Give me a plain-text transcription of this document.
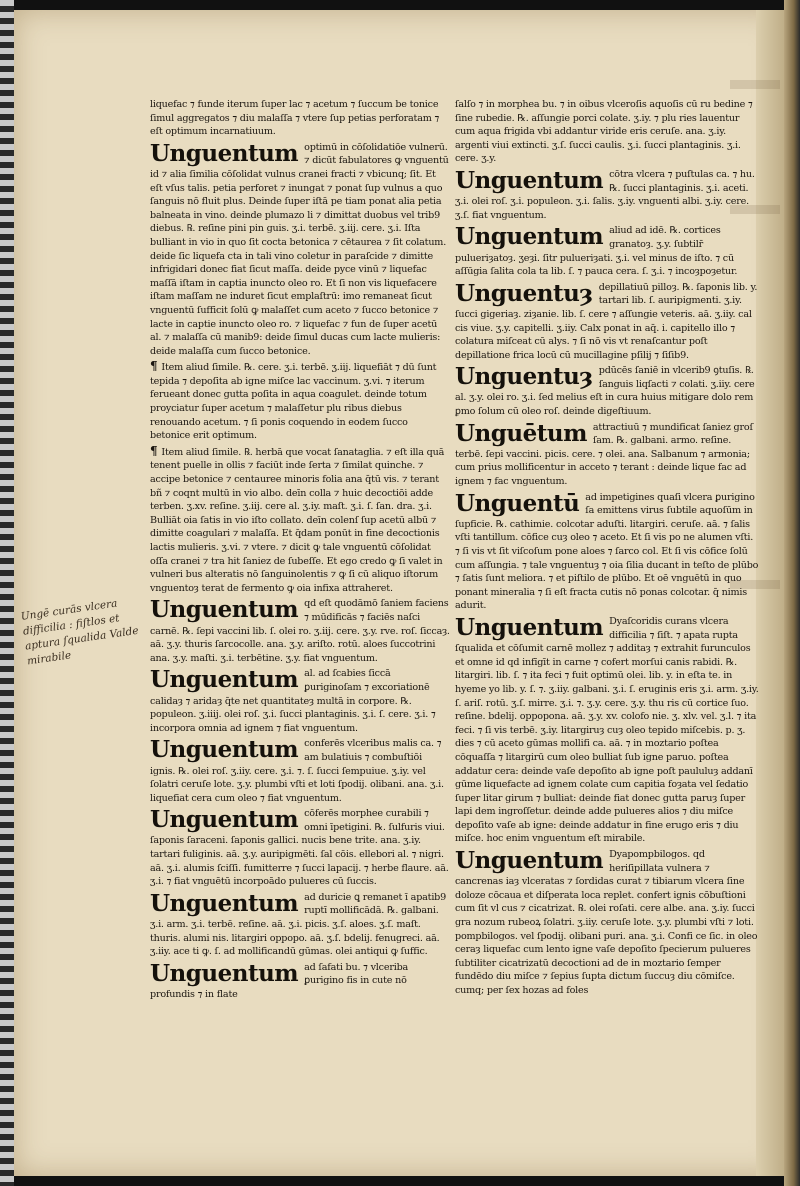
Ungē curās vlcera difficilia : fiſtlos et aptura ſqualida Valde mirabile

liquefac ⁊ funde iterum ſuper lac ⁊ acetum ⁊ ſuccum be tonice ſimul aggregatos ⁊ diu malaſſa ⁊ vtere ſup petias perforatam ⁊ eſt optimum incarnatiuum.

Unguentum optimū in cōſolidatiōe vulnerū. ⁊ dicūt fabulatores ꝙ vnguentū id ⁊ alia ſimilia cōſolidat vulnus cranei fracti ⁊ vbicunq; ſit. Et eſt vſus talis. petia perforet ⁊ inungat ⁊ ponat ſup vulnus a quo ſanguis nō fluit plus. Deinde ſuper iſtā pe tiam ponat alia petia balneata in vino. deinde plumazo li ⁊ dimittat duobus vel trib9 diebus. ℞. reſine pini pin guis. ʒ.i. terbē. ʒ.iij. cere. ʒ.i. Iſta bulliant in vio in quo ſit cocta betonica ⁊ cētaurea ⁊ ſit colatum. deide ſic liquefa cta in tali vino coletur in paraſcide ⁊ dimitte infrigidari donec fiat ſicut maſſa. deide pyce vinū ⁊ liquefac maſſā iſtam in captia inuncto oleo ro. Et ſi non vis liquefacere iſtam maſſam ne induret ſicut emplaſtrū: imo remaneat ſicut vnguentū ſufficit ſolū ꝙ malaſſet cum aceto ⁊ ſucco betonice ⁊ lacte in captie inuncto oleo ro. ⁊ liquefac ⁊ fun de ſuper acetū al. ⁊ malaſſa cū manib9: deide ſimul ducas cum lacte mulieris: deide malaſſa cum ſucco betonice.

¶ Item aliud ſimile. ℞. cere. ʒ.i. terbē. ʒ.iij. liquefiāt ⁊ dū ſunt tepida ⁊ depoſita ab igne miſce lac vaccinum. ʒ.vi. ⁊ iterum ferueant donec gutta poſita in aqua coagulet. deinde totum proyciatur ſuper acetum ⁊ malaſſetur plu ribus diebus renouando acetum. ⁊ ſi ponis coquendo in eodem ſucco betonice erit optimum.

¶ Item aliud ſimile. ℞. herbā que vocat ſanataglia. ⁊ eſt illa quā tenent puelle in ollis ⁊ faciūt inde ſerta ⁊ ſimilat quinche. ⁊ accipe betonice ⁊ centauree minoris folia ana q̄tū vis. ⁊ terant bñ ⁊ coqnt multū in vio albo. deīn colla ⁊ huic decoctiōi adde terben. ʒ.xv. reſine. ʒ.iij. cere al. ʒ.iy. maſt. ʒ.i. ſ. ſan. dra. ʒ.i. Bulliāt oia ſatis in vio iſto collato. deīn colenſ ſup acetū albū ⁊ dimitte coagulari ⁊ malaſſa. Et q̄dam ponūt in fine decoctionis lactis mulieris. ʒ.vi. ⁊ vtere. ⁊ dicit ꝙ tale vnguentū cōſolidat oſſa cranei ⁊ tra hit ſaniez de ſubeſſe. Et ego credo ꝙ ſi valet in vulneri bus alteratis nō ſanguinolentis ⁊ ꝙ ſi cū aliquo iſtorum vnguentoȝ terat de fermento ꝙ oia infixa attraheret.

Unguentum qd eſt quodāmō ſaniem faciens ⁊ mūdificās ⁊ faciēs naſci carnē. ℞. ſepi vaccini lib. ſ. olei ro. ʒ.iij. cere. ʒ.y. rve. roſ. ſiccaȝ. aā. ʒ.y. thuris ſarcocolle. ana. ʒ.y. ariſto. rotū. aloes ſuccotrini ana. ʒ.y. maſti. ʒ.i. terbētine. ʒ.y. fiat vnguentum.

Unguentum al. ad ſcabies ſiccā ꝑuriginoſam ⁊ excoriationē calidaȝ ⁊ aridaȝ q̄te net quantitateȝ multā in corpore. ℞. populeon. ʒ.iiij. olei roſ. ʒ.i. ſucci plantaginis. ʒ.i. ſ. cere. ʒ.i. ⁊ incorpora omnia ad ignem ⁊ fiat vnguentum.

Unguentum conferēs vlceribus malis ca. ⁊ am bulatiuis ⁊ combuſtiōi ignis. ℞. olei roſ. ʒ.iiy. cere. ʒ.i. ⁊. ſ. ſucci ſempuiue. ʒ.iy. vel ſolatri ceruſe lote. ʒ.y. plumbi vſti et loti ſpodij. olibani. ana. ʒ.i. liquefiat cera cum oleo ⁊ fiat vnguentum.

Unguentum cōferēs morphee curabili ⁊ omni īpetigini. ℞. ſulfuris viui. ſaponis ſaraceni. ſaponis gallici. nucis bene trite. ana. ʒ.iy. tartari fuliginis. aā. ʒ.y. auripigmēti. ſal cōis. ellebori al. ⁊ nigri. aā. ʒ.i. alumis ſciſſi. fumitterre ⁊ ſucci lapacij. ⁊ herbe flaure. aā. ʒ.i. ⁊ fiat vnguētū incorpoādo pulueres cū ſuccis.

Unguentum ad duricie ꝗ remanet ī apatib9 ruptī mollificādā. ℞. galbani. ʒ.i. arm. ʒ.i. terbē. reſine. aā. ʒ.i. picis. ʒ.ſ. aloes. ʒ.ſ. maſt. thuris. alumi nis. litargiri oppopo. aā. ʒ.ſ. bdelij. fenugreci. aā. ʒ.iiy. ace ti ꝙ. ſ. ad mollificandū gūmas. olei antiqui ꝙ ſuffic.

Unguentum ad ſafati bu. ⁊ vlceriba ꝑurigino fis in cute nō profundis ⁊ in flate

ſalſo ⁊ in morphea bu. ⁊ in oibus vlceroſis aquoſis cū ru bedine ⁊ ſine rubedie. ℞. aſſungie porci colate. ʒ.iy. ⁊ plu ries lauentur cum aqua frigida vbi addantur viride eris ceruſe. ana. ʒ.iy. argenti viui extincti. ʒ.ſ. ſucci caulis. ʒ.i. ſucci plantaginis. ʒ.i. cere. ʒ.y.

Unguentum cōtra vlcera ⁊ puſtulas ca. ⁊ hu. ℞. ſucci plantaginis. ʒ.i. aceti. ʒ.i. olei roſ. ʒ.i. populeon. ʒ.i. ſalis. ʒ.iy. vnguenti albi. ʒ.iy. cere. ʒ.ſ. fiat vnguentum.

Unguentum aliud ad idē. ℞. cortices granatoȝ. ʒ.y. ſubtilr̄ pulueriȝatoȝ. ʒeȝi. ſitr pulueriȝati. ʒ.i. vel minus de iſto. ⁊ cū aſſūgia ſalita cola ta lib. ſ. ⁊ pauca cera. ſ. ʒ.i. ⁊ incoȝpoȝetur.

Unguentuȝ depillatiuū pilloȝ. ℞. ſaponis lib. y. tartari lib. ſ. auripigmenti. ʒ.iy. ſucci gigeriaȝ. ziȝanie. lib. ſ. cere ⁊ aſſungie veteris. aā. ʒ.iiy. cal cis viue. ʒ.y. capitelli. ʒ.iiy. Calx ponat in aq̄. i. capitello illo ⁊ colatura miſceat cū alys. ⁊ ſi nō vis vt renaſcantur poſt depillatione frica locū cū mucillagine pſilij ⁊ ſiſib9.

Unguentuȝ pdūcēs ſaniē in vlcerib9 ꝯtuſis. ℞. ſanguis liqſacti ⁊ colati. ʒ.iiy. cere al. ʒ.y. olei ro. ʒ.i. ſed melius eſt in cura huius mitigare dolo rem ꝑmo ſolum cū oleo roſ. deinde digeſtiuum.

Unguētum attractiuū ⁊ mundificat ſaniez groſ ſam. ℞. galbani. armo. reſine. terbē. ſepi vaccini. picis. cere. ⁊ olei. ana. Salbanum ⁊ armonia; cum prius mollificentur in acceto ⁊ terant : deinde lique fac ad ignem ⁊ fac vnguentum.

Unguentū ad impetigines quaſi vlcera ꝑurigino ſa emittens virus ſubtile aquoſūm in ſupficie. ℞. cathimie. colcotar aduſti. litargiri. ceruſe. aā. ⁊ ſalis vſti tantillum. cōfice cuȝ oleo ⁊ aceto. Et ſi vis po ne alumen vſti. ⁊ ſi vis vt ſit viſcoſum pone aloes ⁊ ſarco col. Et ſi vis cōfice ſolū cum aſſungia. ⁊ tale vnguentuȝ ⁊ oia ſilia ducant in teſto de plūbo ⁊ ſatis ſunt meliora. ⁊ et piſtilo de plūbo. Et oē vnguētū in quo ponant mineralia ⁊ ſi eſt fracta cutis nō ponas colcotar. q̄ nimis adurit.

Unguentum Dyaſcoridis curans vlcera difficilia ⁊ ſiſt. ⁊ apata rupta ſqualida et cōſumit carnē mollez ⁊ additaȝ ⁊ extrahit furunculos et omne id qd infīgīt in carne ⁊ cofert morſui canis rabidi. ℞. litargiri. lib. ſ. ⁊ ita feci ⁊ fuit optimū olei. lib. y. in eſta te. in hyeme yo lib. y. ſ. ⁊. ʒ.iiy. galbani. ʒ.i. ſ. eruginis eris ʒ.i. arm. ʒ.iy. ſ. ariſ. rotū. ʒ.ſ. mirre. ʒ.i. ⁊. ʒ.y. cere. ʒ.y. thu ris cū cortice ſuo. reſine. bdelij. oppopona. aā. ʒ.y. xv. colofo nie. ʒ. xlv. vel. ʒ.l. ⁊ ita feci. ⁊ ſi vis terbē. ʒ.iy. litargiruȝ cuȝ oleo tepido miſcebis. p. ʒ. dies ⁊ cū aceto gūmas mollifi ca. aā. ⁊ in moztario poſtea cōquaſſa ⁊ litargirū cum oleo bulliat ſub igne paruo. poſtea addatur cera: deinde vaſe depoſito ab igne poſt paululuȝ addanī gūme liquefacte ad ignem colate cum capitia foȝata vel ſedatio ſuper litar girum ⁊ bulliat: deinde fiat donec gutta paruȝ ſuper lapi dem ingroſſetur. deinde adde pulueres alios ⁊ diu miſce depoſito vaſe ab igne: deinde addatur in fine erugo eris ⁊ diu miſce. hoc enim vnguentum eſt mirabile.

Unguentum Dyapompbilogos. qd heriſipillata vulnera ⁊ cancrenas iaȝ vlceratas ⁊ ſordidas curat ⁊ tibiarum vlcera ſine doloze cōcaua et diſperata loca replet. confert ignis cōbuſtioni cum ſit vl cus ⁊ cicatrizat. ℞. olei roſati. cere albe. ana. ʒ.iy. ſucci gra nozum rubeoꝝ ſolatri. ʒ.iiy. ceruſe lote. ʒ.y. plumbi vſti ⁊ loti. pompbilogos. vel ſpodij. olibani puri. ana. ʒ.i. Confi ce ſic. in oleo ceraȝ liquefac cum lento igne vaſe depoſito ſpecierum pulueres ſubtiliter cicatrizatū decoctioni ad de in moztario ſemper fundēdo diu miſce ⁊ ſepius ſupta dictum ſuccuȝ diu cōmiſce. cumq; per ſex hozas ad foles
